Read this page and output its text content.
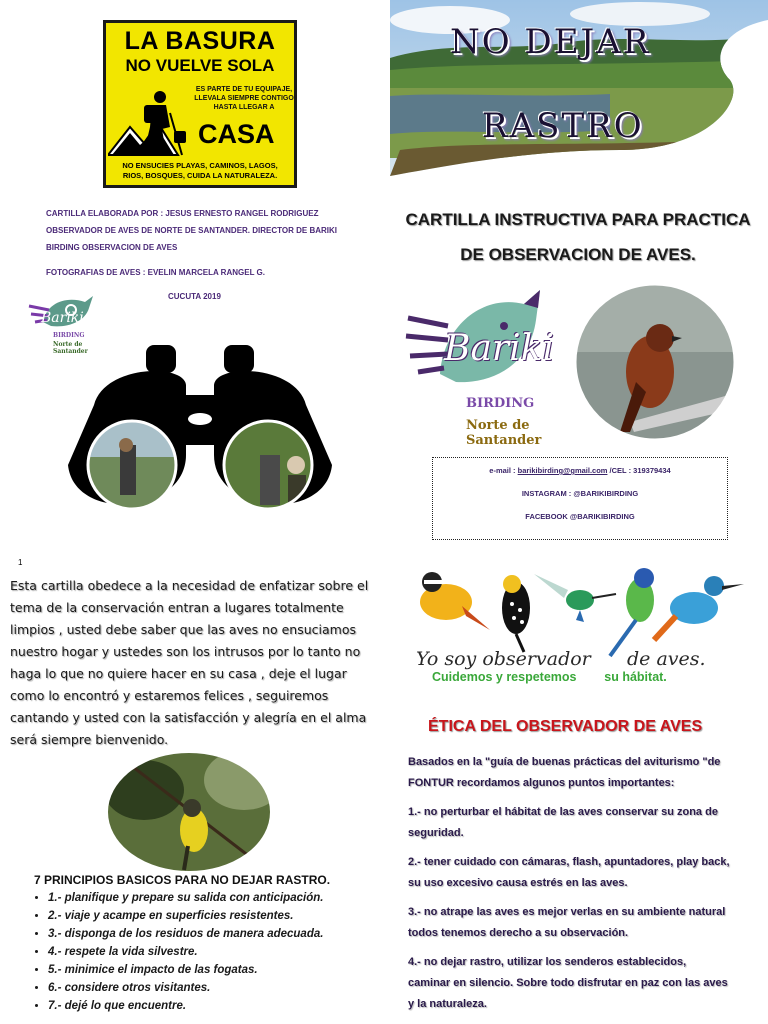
LA BASURA
NO VUELVE SOLA
ES PARTE DE TU EQUIPAJE, LLEVALA SIEMPRE CONTIGO HASTA LLEGAR A
CASA
NO ENSUCIES PLAYAS, CAMINOS, LAGOS, RIOS, BOSQUES, CUIDA LA NATURALEZA.
NO DEJAR
RASTRO
CARTILLA ELABORADA POR : JESUS ERNESTO RANGEL RODRIGUEZ
OBSERVADOR DE AVES DE NORTE DE SANTANDER. DIRECTOR DE BARIKI
BIRDING OBSERVACION DE AVES
FOTOGRAFIAS DE AVES : EVELIN MARCELA RANGEL G.
CUCUTA 2019
Bariki
BIRDING
Norte de Santander
CARTILLA INSTRUCTIVA PARA PRACTICA
DE OBSERVACION DE AVES.
Bariki
BIRDING
Norte de Santander
e-mail : barikibirding@gmail.com /CEL : 319379434
INSTAGRAM : @BARIKIBIRDING
FACEBOOK @BARIKIBIRDING
1
Esta cartilla obedece a la necesidad de enfatizar sobre el
tema de la conservación entran a lugares totalmente
limpios , usted debe saber que las aves no ensuciamos
nuestro hogar y ustedes son los intrusos por lo tanto no
haga lo que no quiere hacer en su casa , deje el lugar
como lo encontró y estaremos felices , seguiremos
cantando y usted con la satisfacción y alegría en el alma
será siempre bienvenido.
7 PRINCIPIOS BASICOS PARA NO DEJAR RASTRO.
• 1.- planifique y prepare su salida con anticipación.
• 2.- viaje y acampe en superficies resistentes.
• 3.- disponga de los residuos de manera adecuada.
• 4.- respete la vida silvestre.
• 5.- minimice el impacto de las fogatas.
• 6.- considere otros visitantes.
• 7.- dejé lo que encuentre.
Yo soy observador      de aves.
Cuidemos y respetemos        su hábitat.
ÉTICA DEL OBSERVADOR DE AVES
Basados en la "guía de buenas prácticas del aviturismo "de
FONTUR recordamos algunos puntos importantes:
1.- no perturbar el hábitat de las aves conservar su zona de
seguridad.
2.- tener cuidado con cámaras, flash, apuntadores, play back,
su uso excesivo causa estrés en las aves.
3.- no atrape las aves es mejor verlas en su ambiente natural
todos tenemos derecho a su observación.
4.- no dejar rastro, utilizar los senderos establecidos,
caminar en silencio. Sobre todo disfrutar en paz con las aves
y la naturaleza.
